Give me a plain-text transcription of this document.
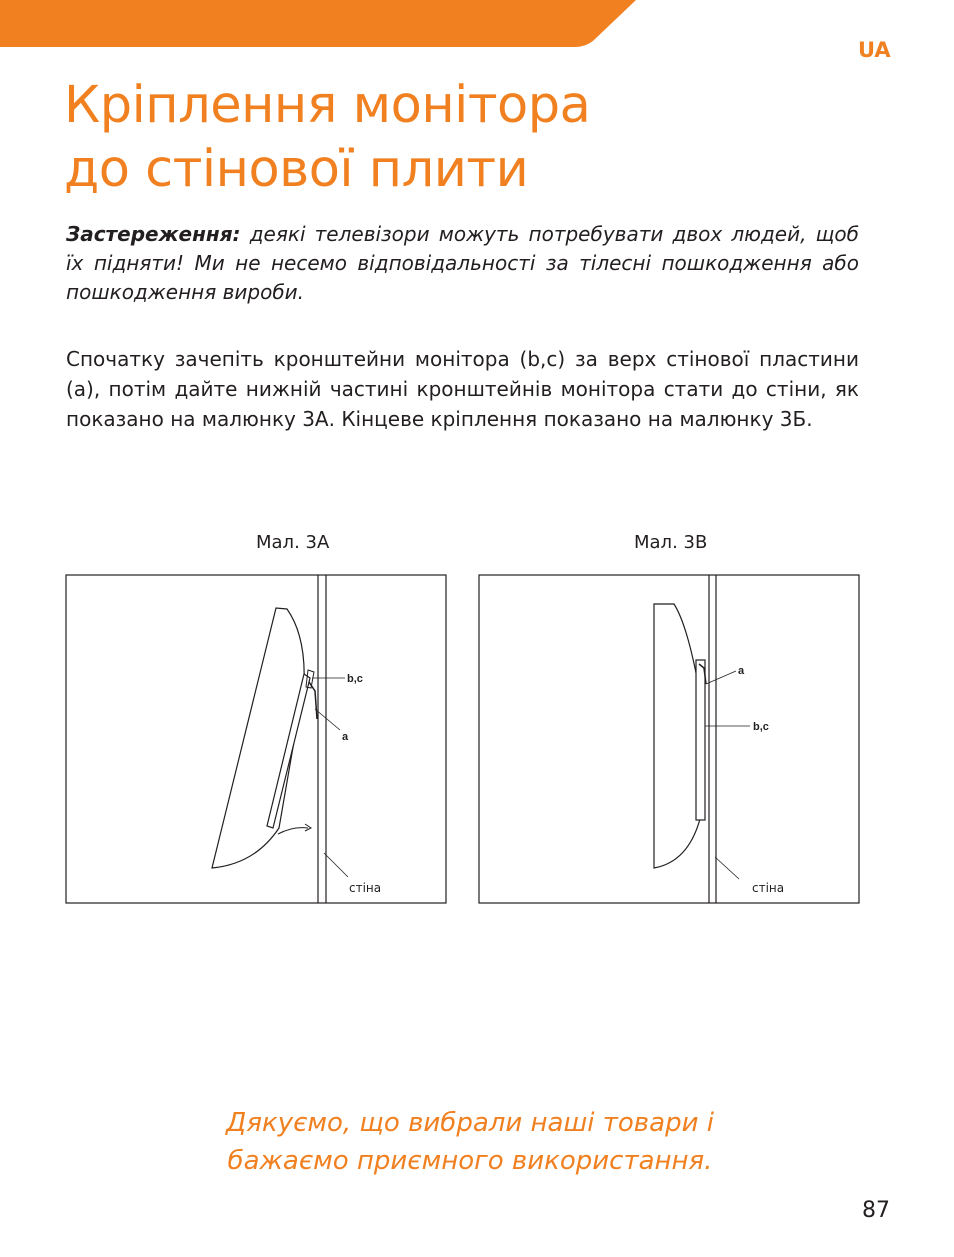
UA
Кріплення монітора
до стінової плити

Застереження: деякі телевізори можуть потребувати двох людей, щоб їх підняти! Ми не несемо відповідальності за тілесні пошкодження або пошкодження вироби.

Спочатку зачепіть кронштейни монітора (b,c) за верх стінової пластини (a), потім дайте нижній частині кронштейнів монітора стати до стіни, як показано на малюнку 3А. Кінцеве кріплення показано на малюнку 3Б.

Мал. 3A
b,c
a
стіна
Мал. 3B
a
b,c
стіна
Дякуємо, що вибрали наші товари і
бажаємо приємного використання.
87
